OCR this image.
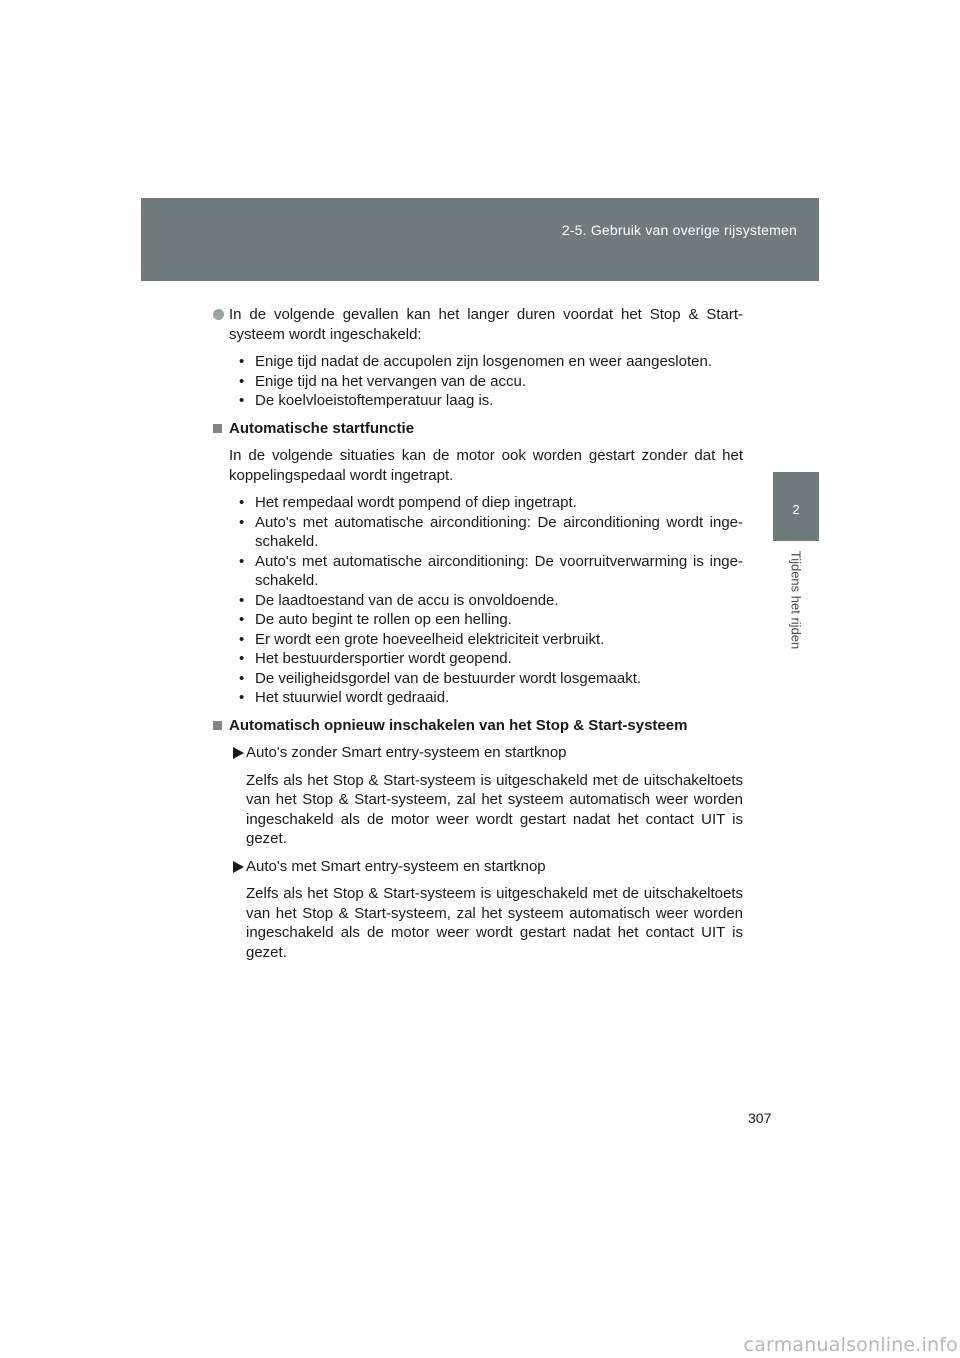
2-5. Gebruik van overige rijsystemen
2
Tijdens het rijden

In de volgende gevallen kan het langer duren voordat het Stop & Start-systeem wordt ingeschakeld:

• Enige tijd nadat de accupolen zijn losgenomen en weer aangesloten.
• Enige tijd na het vervangen van de accu.
• De koelvloeistoftemperatuur laag is.
Automatische startfunctie

In de volgende situaties kan de motor ook worden gestart zonder dat het koppelingspedaal wordt ingetrapt.

• Het rempedaal wordt pompend of diep ingetrapt.
• Auto's met automatische airconditioning: De airconditioning wordt inge-schakeld.
• Auto's met automatische airconditioning: De voorruitverwarming is inge-schakeld.
• De laadtoestand van de accu is onvoldoende.
• De auto begint te rollen op een helling.
• Er wordt een grote hoeveelheid elektriciteit verbruikt.
• Het bestuurdersportier wordt geopend.
• De veiligheidsgordel van de bestuurder wordt losgemaakt.
• Het stuurwiel wordt gedraaid.
Automatisch opnieuw inschakelen van het Stop & Start-systeem
Auto's zonder Smart entry-systeem en startknop

Zelfs als het Stop & Start-systeem is uitgeschakeld met de uitschakeltoets van het Stop & Start-systeem, zal het systeem automatisch weer worden ingeschakeld als de motor weer wordt gestart nadat het contact UIT is gezet.

Auto's met Smart entry-systeem en startknop

Zelfs als het Stop & Start-systeem is uitgeschakeld met de uitschakeltoets van het Stop & Start-systeem, zal het systeem automatisch weer worden ingeschakeld als de motor weer wordt gestart nadat het contact UIT is gezet.

307
carmanualsonline.info
